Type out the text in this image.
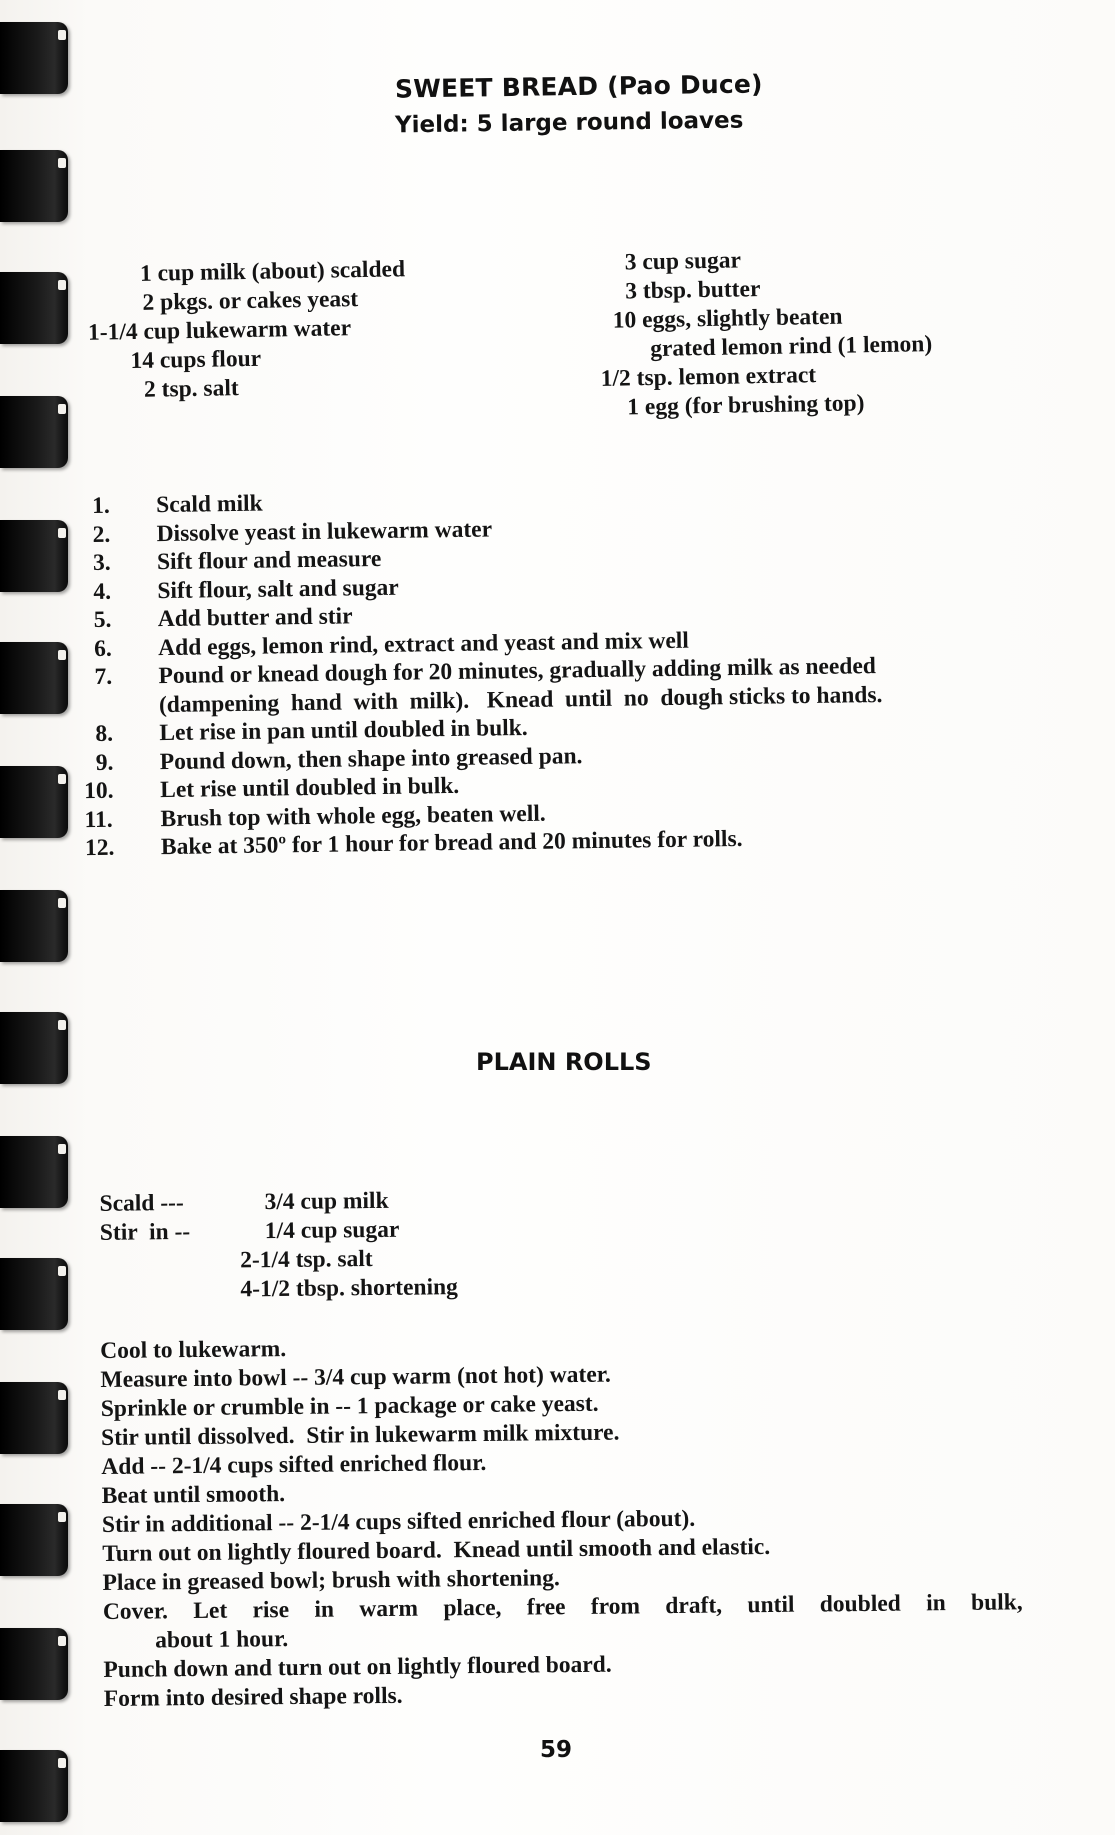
SWEET BREAD (Pao Duce)
Yield: 5 large round loaves
1 cup milk (about) scalded
2 pkgs. or cakes yeast
1-1/4 cup lukewarm water
14 cups flour
2 tsp. salt
3 cup sugar
3 tbsp. butter
10 eggs, slightly beaten
grated lemon rind (1 lemon)
1/2 tsp. lemon extract
1 egg (for brushing top)
1.	Scald milk
2.	Dissolve yeast in lukewarm water
3.	Sift flour and measure
4.	Sift flour, salt and sugar
5.	Add butter and stir
6.	Add eggs, lemon rind, extract and yeast and mix well
7.	Pound or knead dough for 20 minutes, gradually adding milk as needed
(dampening  hand  with  milk).   Knead  until  no  dough sticks to hands.
8.	Let rise in pan until doubled in bulk.
9.	Pound down, then shape into greased pan.
10.	Let rise until doubled in bulk.
11.	Brush top with whole egg, beaten well.
12.	Bake at 350º for 1 hour for bread and 20 minutes for rolls.
PLAIN ROLLS
Scald ---	3/4 cup milk
Stir  in --	1/4 cup sugar
2-1/4 tsp. salt
4-1/2 tbsp. shortening
Cool to lukewarm.
Measure into bowl -- 3/4 cup warm (not hot) water.
Sprinkle or crumble in -- 1 package or cake yeast.
Stir until dissolved.  Stir in lukewarm milk mixture.
Add -- 2-1/4 cups sifted enriched flour.
Beat until smooth.
Stir in additional -- 2-1/4 cups sifted enriched flour (about).
Turn out on lightly floured board.  Knead until smooth and elastic.
Place in greased bowl; brush with shortening.
Cover. Let rise in warm place, free from draft, until doubled in bulk,
about 1 hour.
Punch down and turn out on lightly floured board.
Form into desired shape rolls.
59
